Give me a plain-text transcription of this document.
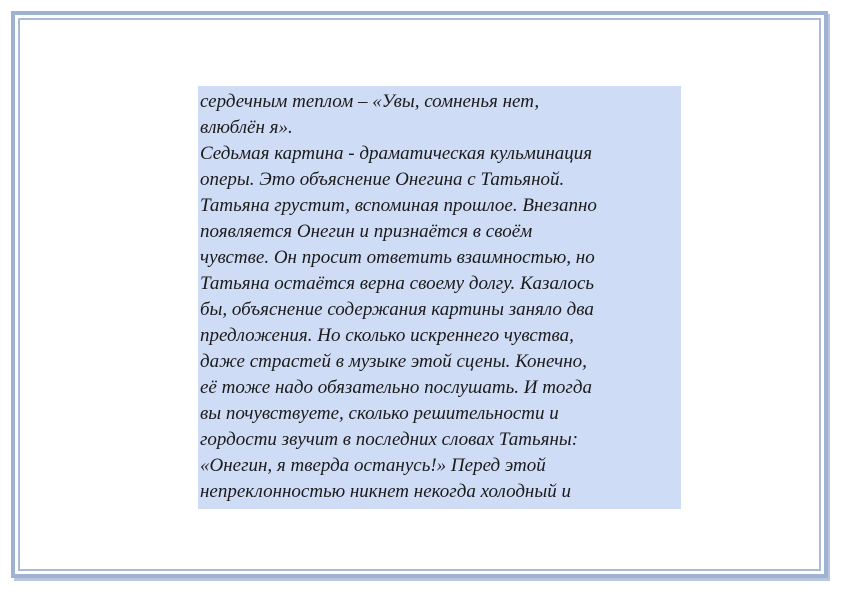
сердечным теплом – «Увы, сомненья нет,
влюблён я».
Седьмая картина - драматическая кульминация
оперы. Это объяснение Онегина с Татьяной.
Татьяна грустит, вспоминая прошлое. Внезапно
появляется Онегин и признаётся в своём
чувстве. Он просит ответить взаимностью, но
Татьяна остаётся верна своему долгу. Казалось
бы, объяснение содержания картины заняло два
предложения. Но сколько искреннего чувства,
даже страстей в музыке этой сцены. Конечно,
её тоже надо обязательно послушать. И тогда
вы почувствуете, сколько решительности и
гордости звучит в последних словах Татьяны:
«Онегин, я тверда останусь!» Перед этой
непреклонностью никнет некогда холодный и
